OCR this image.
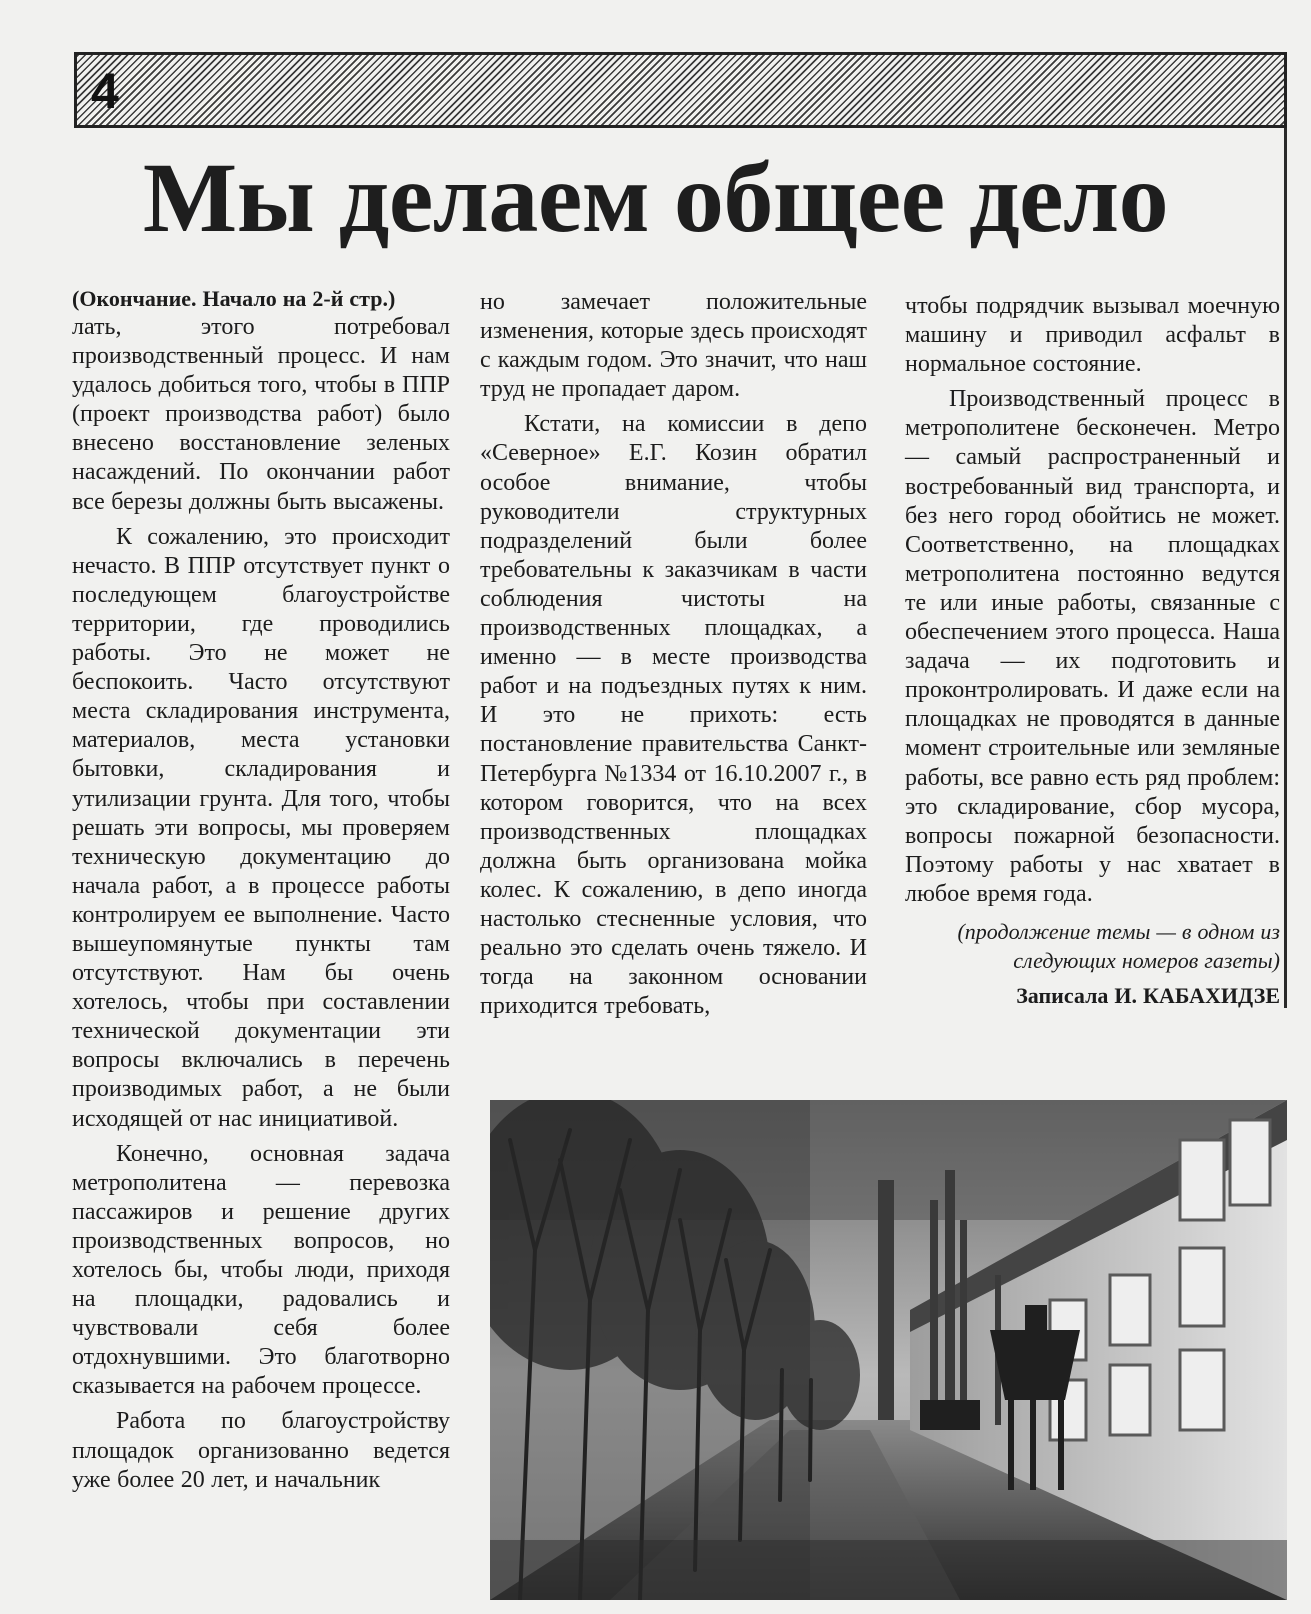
4

Мы делаем общее дело
(Окончание. Начало на 2-й стр.)

лать, этого потребовал производственный процесс. И нам удалось добиться того, чтобы в ППР (проект производства работ) было внесено восстановление зеленых насаждений. По окончании работ все березы должны быть высажены.

К сожалению, это происходит нечасто. В ППР отсутствует пункт о последующем благоустройстве территории, где проводились работы. Это не может не беспокоить. Часто отсутствуют места складирования инструмента, материалов, места установки бытовки, складирования и утилизации грунта. Для того, чтобы решать эти вопросы, мы проверяем техническую документацию до начала работ, а в процессе работы контролируем ее выполнение. Часто вышеупомянутые пункты там отсутствуют. Нам бы очень хотелось, чтобы при составлении технической документации эти вопросы включались в перечень производимых работ, а не были исходящей от нас инициативой.

Конечно, основная задача метрополитена — перевозка пассажиров и решение других производственных вопросов, но хотелось бы, чтобы люди, приходя на площадки, радовались и чувствовали себя более отдохнувшими. Это благотворно сказывается на рабочем процессе.

Работа по благоустройству площадок организованно ведется уже более 20 лет, и начальник

но замечает положительные изменения, которые здесь происходят с каждым годом. Это значит, что наш труд не пропадает даром.

Кстати, на комиссии в депо «Северное» Е.Г. Козин обратил особое внимание, чтобы руководители структурных подразделений были более требовательны к заказчикам в части соблюдения чистоты на производственных площадках, а именно — в месте производства работ и на подъездных путях к ним. И это не прихоть: есть постановление правительства Санкт-Петербурга №1334 от 16.10.2007 г., в котором говорится, что на всех производственных площадках должна быть организована мойка колес. К сожалению, в депо иногда настолько стесненные условия, что реально это сделать очень тяжело. И тогда на законном основании приходится требовать,

чтобы подрядчик вызывал моечную машину и приводил асфальт в нормальное состояние.

Производственный процесс в метрополитене бесконечен. Метро — самый распространенный и востребованный вид транспорта, и без него город обойтись не может. Соответственно, на площадках метрополитена постоянно ведутся те или иные работы, связанные с обеспечением этого процесса. Наша задача — их подготовить и проконтролировать. И даже если на площадках не проводятся в данные момент строительные или земляные работы, все равно есть ряд проблем: это складирование, сбор мусора, вопросы пожарной безопасности. Поэтому работы у нас хватает в любое время года.

(продолжение темы — в одном из следующих номеров газеты)

Записала И. КАБАХИДЗЕ
